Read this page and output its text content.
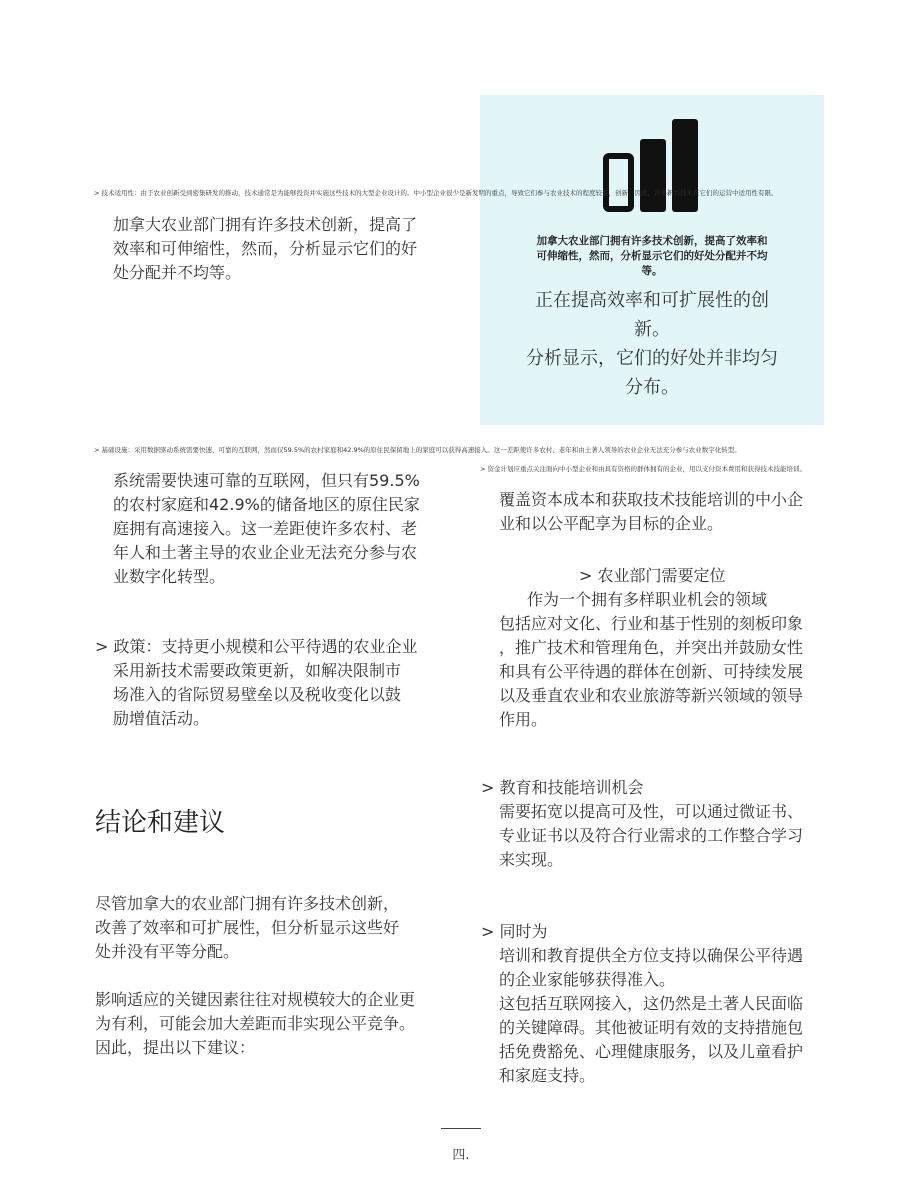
加拿大农业部门拥有许多技术创新，提高了效率和
可伸缩性，然而，分析显示它们的好处分配并不均
等。
正在提高效率和可扩展性的创
新。
分析显示，它们的好处并非均匀
分布。
> 技术适用性：由于农业创新受到密集研发的推动，技术通常是为能够投资并实施这些技术的大型企业设计的。中小型企业很少是新发明的重点，导致它们参与农业技术的程度较低，创新。因此，许多新兴技术在它们的运营中适用性有限。
> 基础设施：采用数据驱动系统需要快速、可靠的互联网，然而仅59.5%的农村家庭和42.9%的原住民保留地上的家庭可以获得高速接入。这一差距使许多农村、老年和由土著人领导的农业企业无法充分参与农业数字化转型。
> 资金计划应重点关注面向中小型企业和由具有资格的群体拥有的企业，用以支付资本费用和获得技术技能培训。
加拿大农业部门拥有许多技术创新，提高了
效率和可伸缩性，然而，分析显示它们的好
处分配并不均等。
系统需要快速可靠的互联网，但只有59.5%
的农村家庭和42.9%的储备地区的原住民家
庭拥有高速接入。这一差距使许多农村、老
年人和土著主导的农业企业无法充分参与农
业数字化转型。
> 政策：支持更小规模和公平待遇的农业企业
采用新技术需要政策更新，如解决限制市
场准入的省际贸易壁垒以及税收变化以鼓
励增值活动。
结论和建议
尽管加拿大的农业部门拥有许多技术创新，
改善了效率和可扩展性，但分析显示这些好
处并没有平等分配。
影响适应的关键因素往往对规模较大的企业更
为有利，可能会加大差距而非实现公平竞争。
因此，提出以下建议：
覆盖资本成本和获取技术技能培训的中小企
业和以公平配享为目标的企业。
> 农业部门需要定位
作为一个拥有多样职业机会的领域
包括应对文化、行业和基于性别的刻板印象
，推广技术和管理角色，并突出并鼓励女性
和具有公平待遇的群体在创新、可持续发展
以及垂直农业和农业旅游等新兴领域的领导
作用。
> 教育和技能培训机会
需要拓宽以提高可及性，可以通过微证书、
专业证书以及符合行业需求的工作整合学习
来实现。
> 同时为
培训和教育提供全方位支持以确保公平待遇
的企业家能够获得准入。
这包括互联网接入，这仍然是土著人民面临
的关键障碍。其他被证明有效的支持措施包
括免费豁免、心理健康服务，以及儿童看护
和家庭支持。
四.
